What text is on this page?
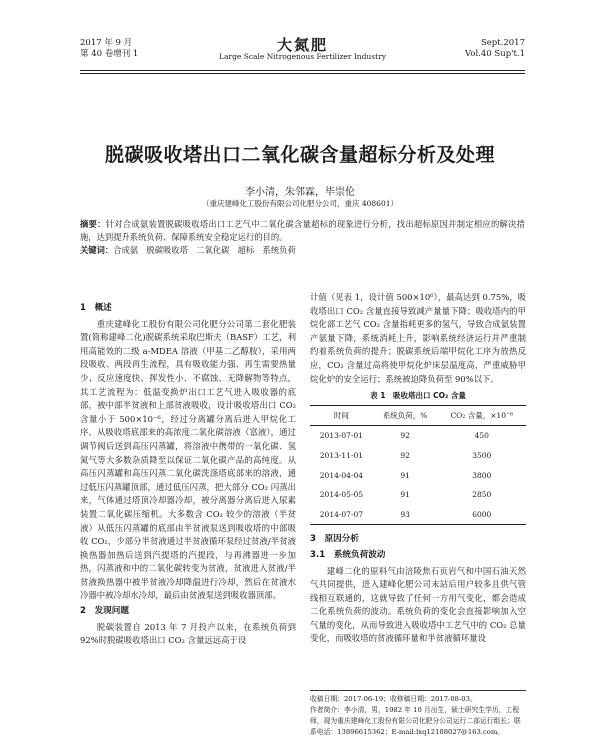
2017 年 9 月
第 40 卷增刊 1	大氮肥
Large Scale Nitrogenous Fertilizer Industry
Sept.2017
Vol.40 Sup't.1
脱碳吸收塔出口二氧化碳含量超标分析及处理
李小清，朱邻霖，毕崇伦
（重庆建峰化工股份有限公司化肥分公司，重庆 408601）
摘要：针对合成氨装置脱碳吸收塔出口工艺气中二氧化碳含量超标的现象进行分析，找出超标原因并制定相应的解决措施，达到提升系统负荷、保障系统安全稳定运行的目的。
关键词：合成氨　脱碳吸收塔　二氧化碳　超标　系统负荷
1　概述

重庆建峰化工股份有限公司化肥分公司第二套化肥装置(简称建峰二化)脱碳系统采取巴斯夫（BASF）工艺，利用高能效的二级 a-MDEA 溶液（甲基二乙醇胺），采用两段吸收、两段再生流程，具有吸收能力强、再生需要热量少、反应速度快、挥发性小、不腐蚀、无降解物等特点，其工艺流程为：低温变换炉出口工艺气进入吸收器的底部，被中部半贫液和上部贫液吸收，设计吸收塔出口 CO₂ 含量小于 500×10⁻⁶，经过分离罐分离后进入甲烷化工序。从吸收塔底部来的高浓度二氧化碳溶液（富液），通过调节阀后送到高压闪蒸罐，将溶液中携带的一氧化碳、氢氮气等大多数杂质降至以保证二氧化碳产品的高纯度。从高压闪蒸罐和高压闪蒸二氧化碳洗涤塔底部来的溶液，通过低压闪蒸罐顶部，通过低压闪蒸，把大部分 CO₂ 闪蒸出来，气体通过塔顶冷却器冷却，被分离器分离后进入尿素装置二氧化碳压缩机。大多数含 CO₂ 较少的溶液（半贫液）从低压闪蒸罐的底部由半贫液泵送到吸收塔的中部吸收 CO₂，少部分半贫液通过半贫液循环泵经过贫液/半贫液换热器加热后送到汽提塔的汽提段，与再沸器进一步加热，闪蒸液和中的二氧化碳转变为贫液，贫液进入贫液/半贫液换热器中被半贫液冷却降温进行冷却，然后在贫液水冷器中被冷却水冷却，最后由贫液泵送到吸收器顶部。

2　发现问题

脱碳装置自 2013 年 7 月投产以来，在系统负荷到 92%时脱碳吸收塔出口 CO₂ 含量远远高于设

计值（见表 1，设计值 500×10⁶），最高达到 0.75%，吸收塔出口 CO₂ 含量直接导致减产量量下降；吸收塔内的甲烷化部工艺气 CO₂ 含量指耗更多的氢气，导致合成氨装置产氨量下降，系统消耗上升，影响系统经济运行并严重制约着系统负荷的提升；脱碳系统后端甲烷化工序为放热反应，CO₂ 含量过高将使甲烷化炉床层温度高，严重威胁甲烷化炉的安全运行；系统被迫降负荷至 90%以下。

表 1　吸收塔出口 CO₂ 含量
时间	系统负荷，%	CO₂ 含量，×10⁻⁶
2013-07-01	92	450
2013-11-01	92	3500
2014-04-04	91	3800
2014-05-05	91	2850
2014-07-07	93	6000
3　原因分析
3.1　系统负荷波动

建峰二化的原料气由涪陵焦石页岩气和中国石油天然气共同提供，进入建峰化肥公司末站后用户较多且供气管线相互联通的，这就导致了任何一方用气变化，都会造成二化系统负荷的波动。系统负荷的变化会直接影响加入空气量的变化，从而导致进入吸收塔中工艺气中的 CO₂ 总量变化，而吸收塔的贫液循环量和半贫液循环量设

收稿日期：2017-06-19；收修稿日期：2017-08-03。
作者简介：李小清，男，1982 年 10 月出生，硕士研究生学历，工程师，现为重庆建峰化工股份有限公司化肥分公司运行二部运行组长；联系电话：13896615362；E-mail:lxq12108027@163.com。
